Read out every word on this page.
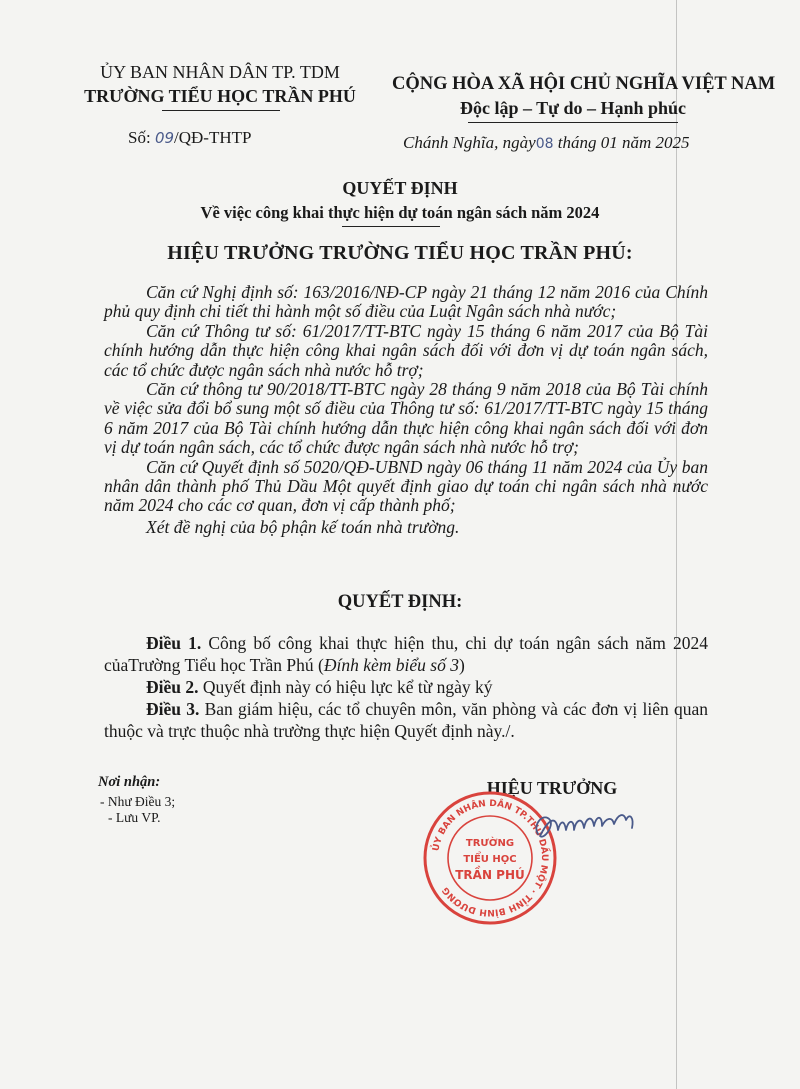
ỦY BAN NHÂN DÂN TP. TDM
TRƯỜNG TIỂU HỌC TRẦN PHÚ
CỘNG HÒA XÃ HỘI CHỦ NGHĨA VIỆT NAM
Độc lập – Tự do – Hạnh phúc
Số: 09/QĐ-THTP	Chánh Nghĩa, ngày08 tháng 01 năm 2025
QUYẾT ĐỊNH
Về việc công khai thực hiện dự toán ngân sách năm 2024
HIỆU TRƯỞNG TRƯỜNG TIỂU HỌC TRẦN PHÚ:

Căn cứ Nghị định số: 163/2016/NĐ-CP ngày 21 tháng 12 năm 2016 của Chính phủ quy định chi tiết thi hành một số điều của Luật Ngân sách nhà nước;

Căn cứ Thông tư số: 61/2017/TT-BTC ngày 15 tháng 6 năm 2017 của Bộ Tài chính hướng dẫn thực hiện công khai ngân sách đối với đơn vị dự toán ngân sách, các tổ chức được ngân sách nhà nước hỗ trợ;

Căn cứ thông tư 90/2018/TT-BTC ngày 28 tháng 9 năm 2018 của Bộ Tài chính về việc sửa đổi bổ sung một số điều của Thông tư số: 61/2017/TT-BTC ngày 15 tháng 6 năm 2017 của Bộ Tài chính hướng dẫn thực hiện công khai ngân sách đối với đơn vị dự toán ngân sách, các tổ chức được ngân sách nhà nước hỗ trợ;

Căn cứ Quyết định số 5020/QĐ-UBND ngày 06 tháng 11 năm 2024 của Ủy ban nhân dân thành phố Thủ Dầu Một quyết định giao dự toán chi ngân sách nhà nước năm 2024 cho các cơ quan, đơn vị cấp thành phố;

Xét đề nghị của bộ phận kế toán nhà trường.

QUYẾT ĐỊNH:

Điều 1. Công bố công khai thực hiện thu, chi dự toán ngân sách năm 2024 củaTrường Tiểu học Trần Phú (Đính kèm biểu số 3)

Điều 2. Quyết định này có hiệu lực kể từ ngày ký

Điều 3. Ban giám hiệu, các tổ chuyên môn, văn phòng và các đơn vị liên quan thuộc và trực thuộc nhà trường thực hiện Quyết định này./.

Nơi nhận:
- Như Điều 3;
- Lưu VP.
HIỆU TRƯỞNG
ỦY BAN NHÂN DÂN TP.THỦ DẦU MỘT · TỈNH BÌNH DƯƠNG
TRƯỜNG
TIỂU HỌC
TRẦN PHÚ
